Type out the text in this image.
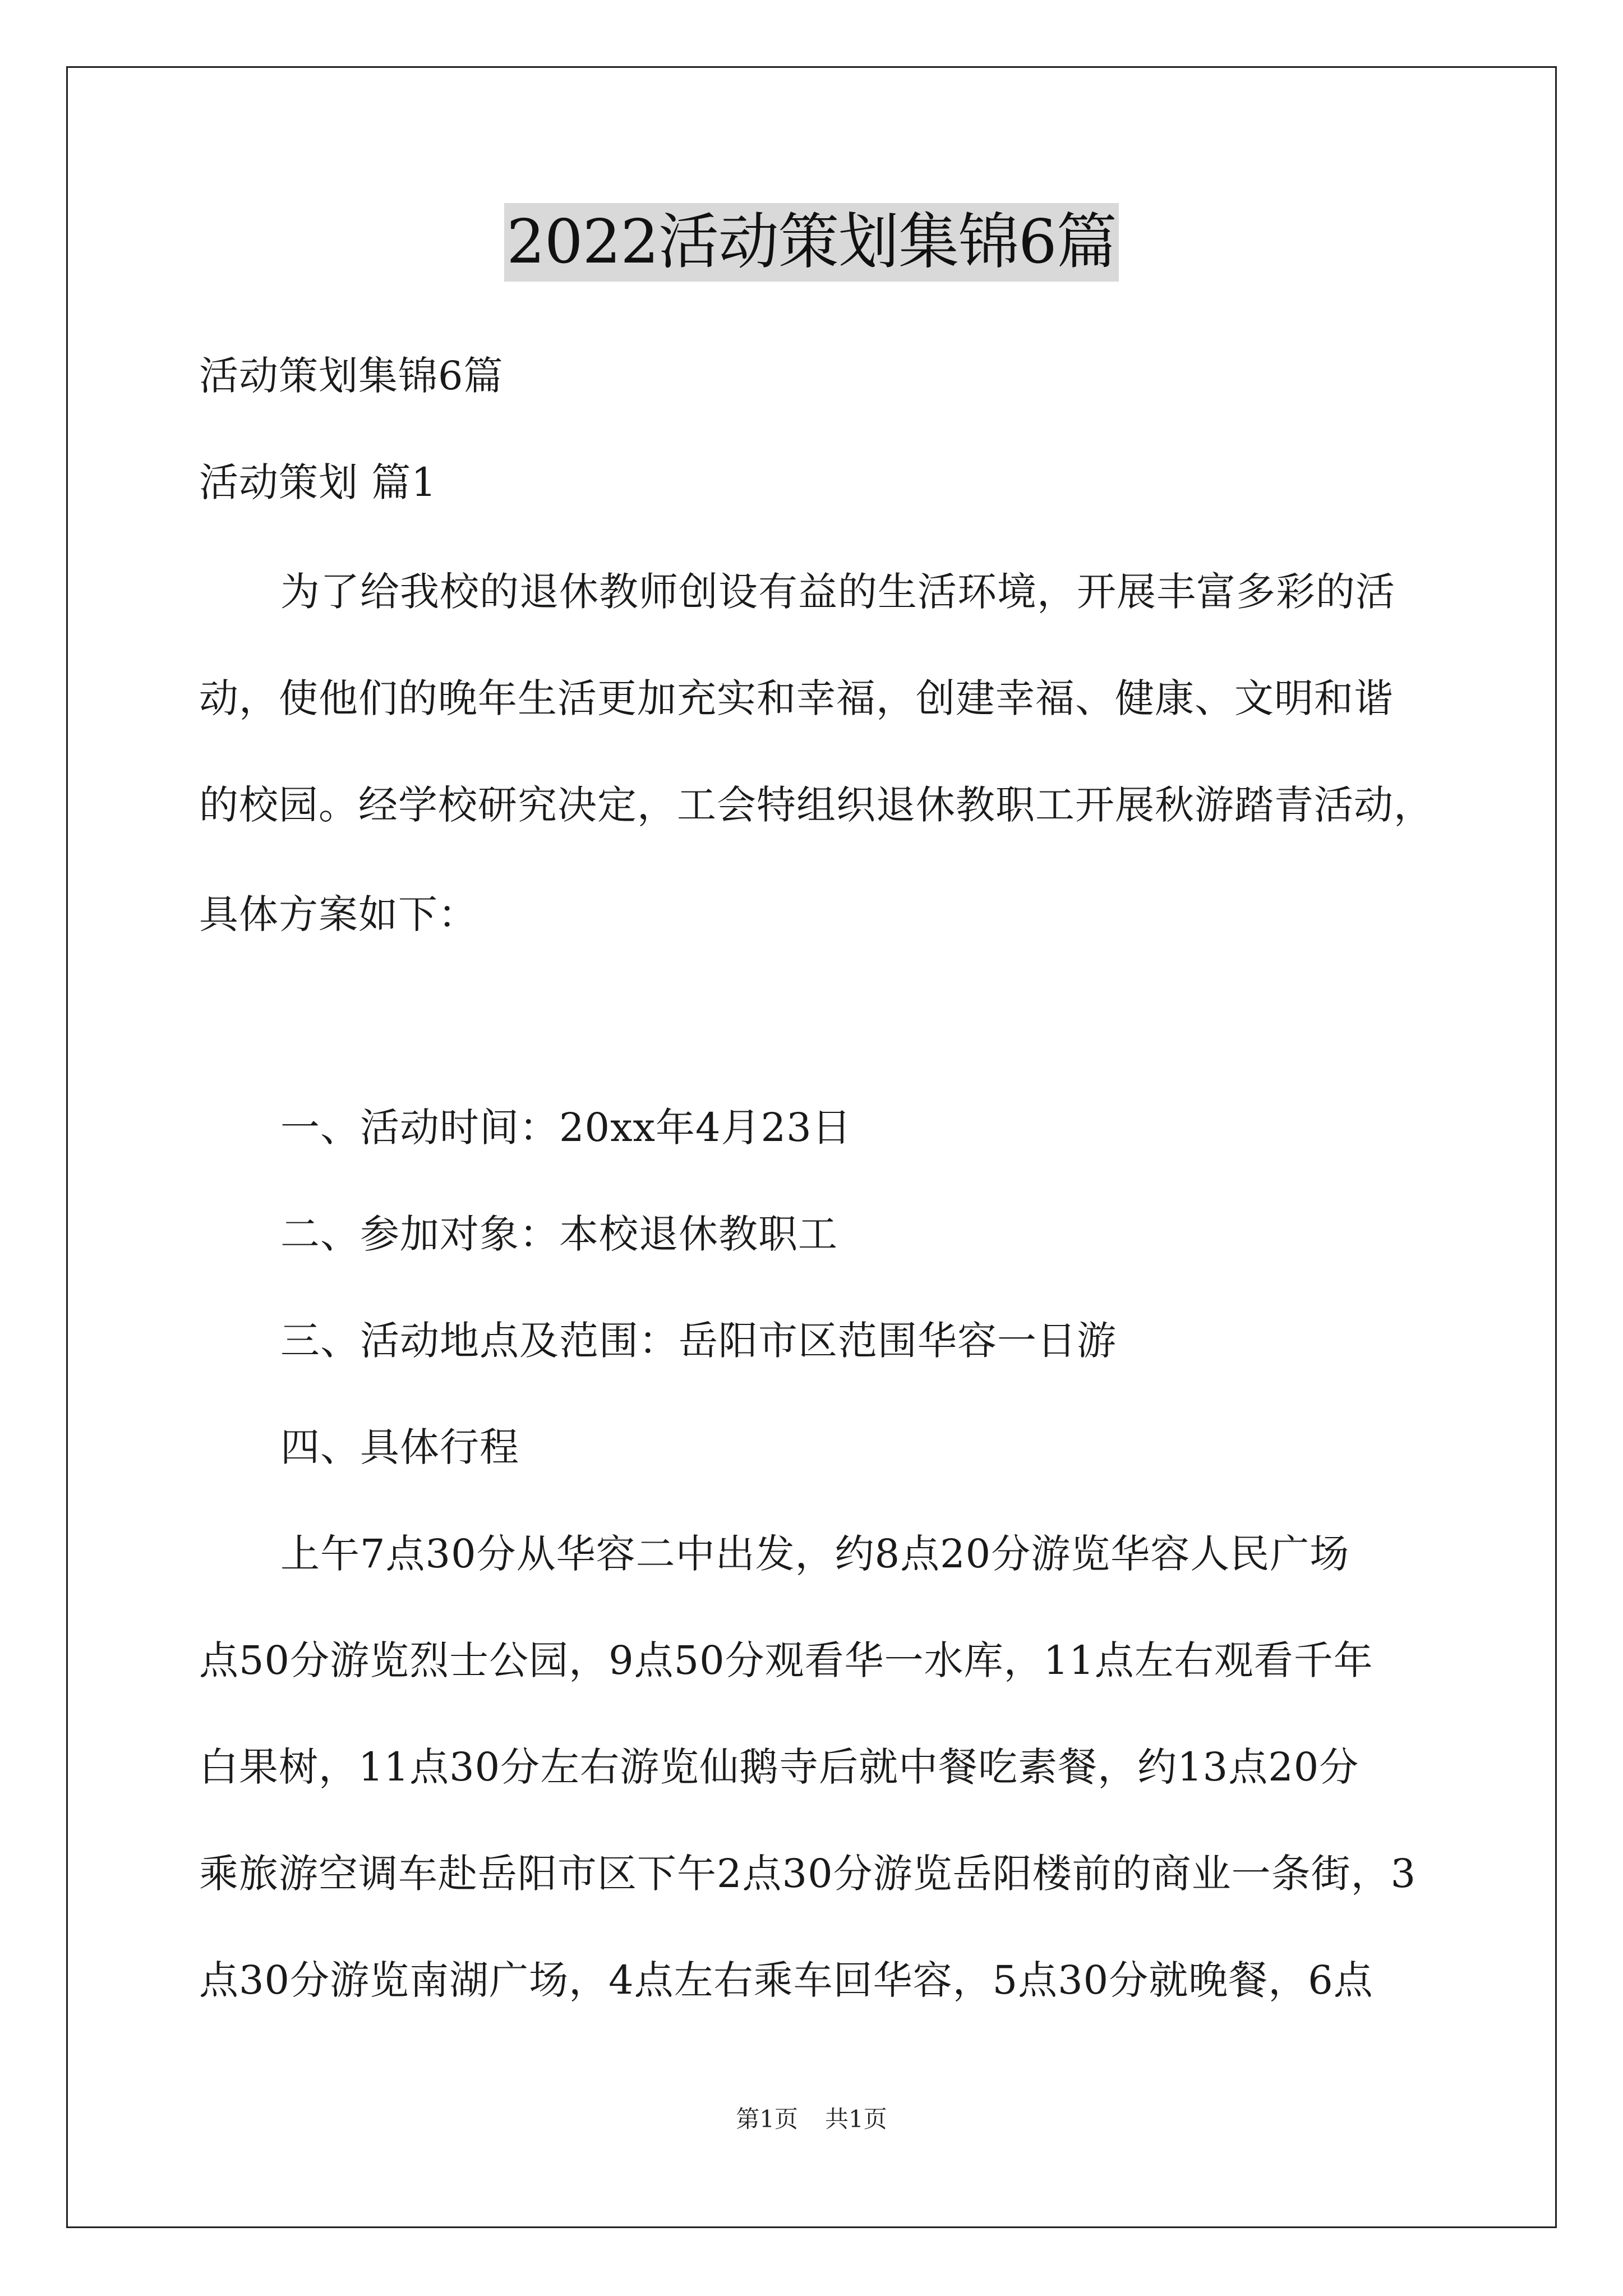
2022活动策划集锦6篇
活动策划集锦6篇
活动策划 篇1
为了给我校的退休教师创设有益的生活环境，开展丰富多彩的活
动，使他们的晚年生活更加充实和幸福，创建幸福、健康、文明和谐
的校园。经学校研究决定，工会特组织退休教职工开展秋游踏青活动，
具体方案如下：
一、活动时间：20xx年4月23日
二、参加对象：本校退休教职工
三、活动地点及范围：岳阳市区范围华容一日游
四、具体行程
上午7点30分从华容二中出发，约8点20分游览华容人民广场
点50分游览烈士公园，9点50分观看华一水库，11点左右观看千年
白果树，11点30分左右游览仙鹅寺后就中餐吃素餐，约13点20分
乘旅游空调车赴岳阳市区下午2点30分游览岳阳楼前的商业一条街，3
点30分游览南湖广场，4点左右乘车回华容，5点30分就晚餐，6点
第1页 共1页
